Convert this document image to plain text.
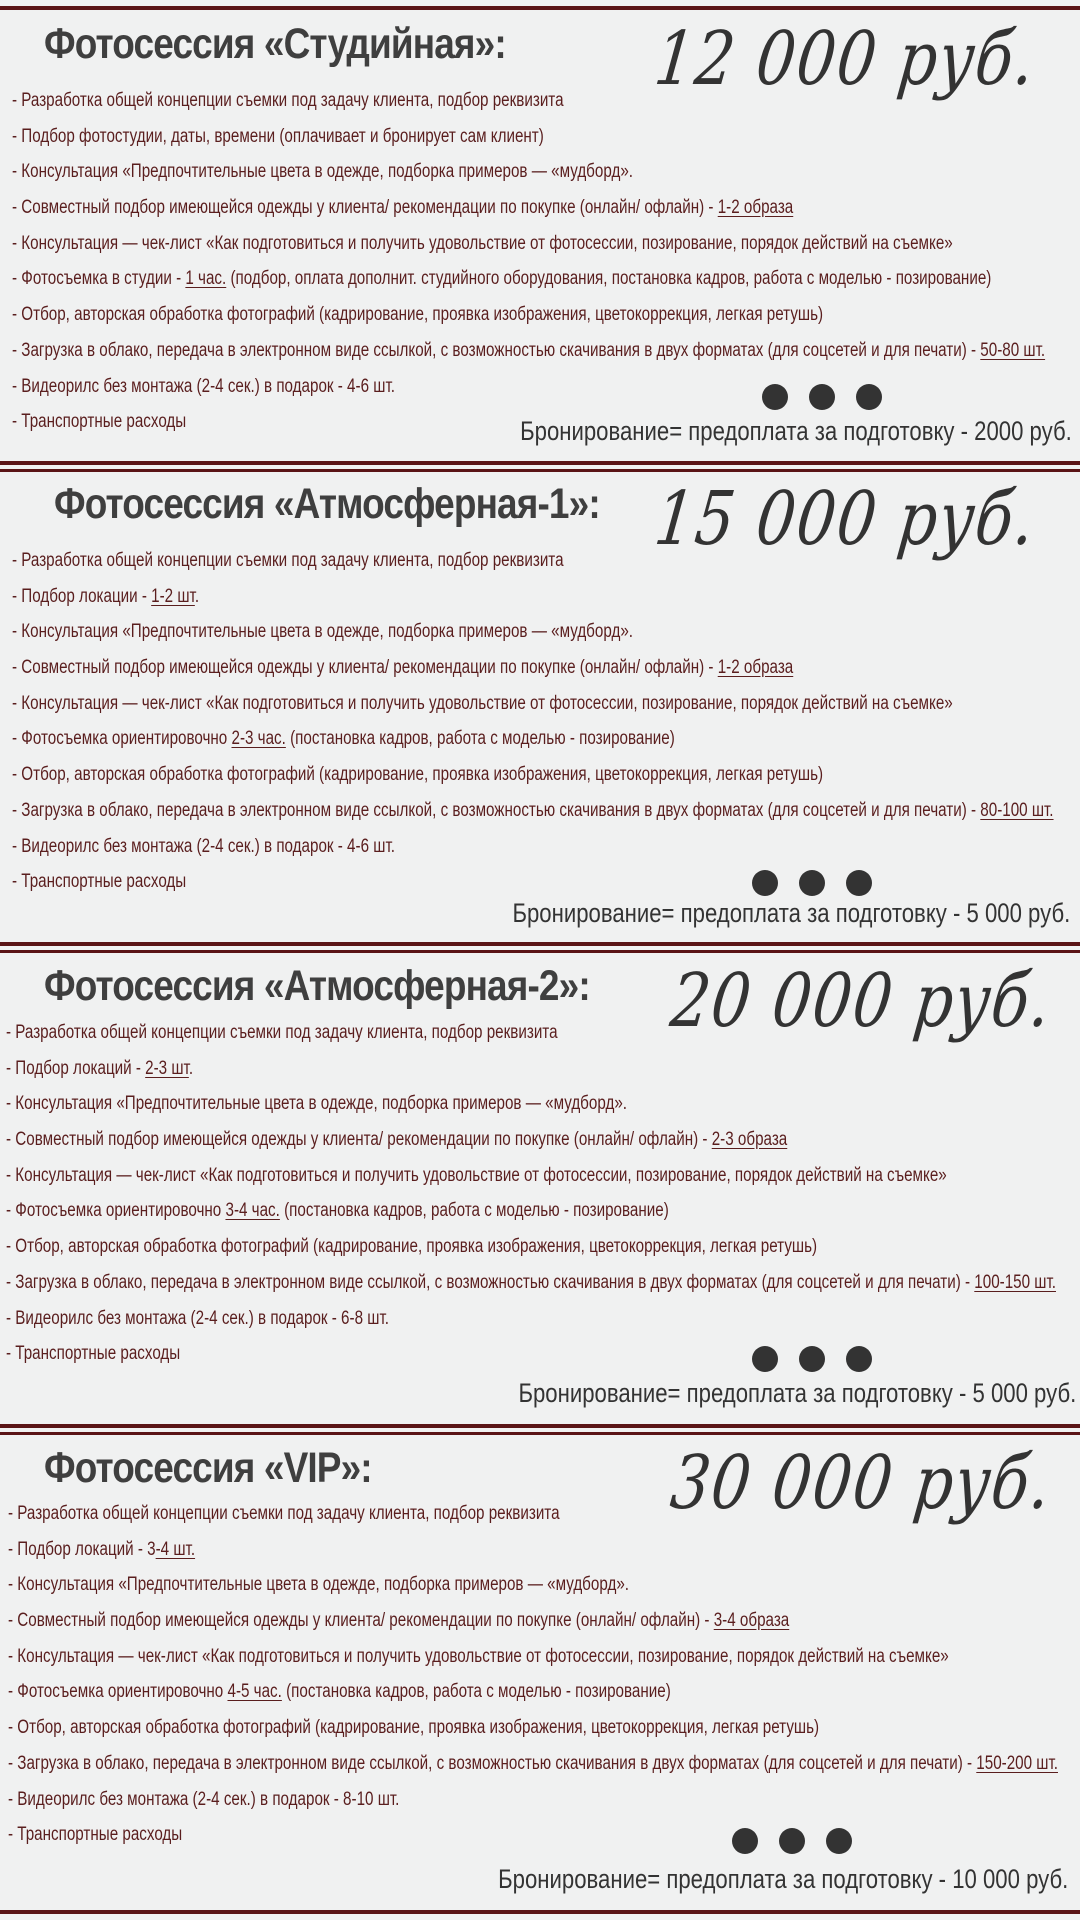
Фотосессия «Студийная»: 12 000 руб.
- Разработка общей концепции съемки под задачу клиента, подбор реквизита
- Подбор фотостудии, даты, времени (оплачивает и бронирует сам клиент)
- Консультация «Предпочтительные цвета в одежде, подборка примеров — «мудборд».
- Совместный подбор имеющейся одежды у клиента/ рекомендации по покупке (онлайн/ офлайн) - 1-2 образа
- Консультация — чек-лист «Как подготовиться и получить удовольствие от фотосессии, позирование, порядок действий на съемке»
- Фотосъемка в студии - 1 час. (подбор, оплата дополнит. студийного оборудования, постановка кадров, работа с моделью - позирование)
- Отбор, авторская обработка фотографий (кадрирование, проявка изображения, цветокоррекция, легкая ретушь)
- Загрузка в облако, передача в электронном виде ссылкой, с возможностью скачивания в двух форматах (для соцсетей и для печати) - 50-80 шт.
- Видеорилс без монтажа (2-4 сек.) в подарок - 4-6 шт.
- Транспортные расходы	Бронирование= предоплата за подготовку - 2000 руб.
Фотосессия «Атмосферная-1»: 15 000 руб.
- Разработка общей концепции съемки под задачу клиента, подбор реквизита
- Подбор локации - 1-2 шт.
- Консультация «Предпочтительные цвета в одежде, подборка примеров — «мудборд».
- Совместный подбор имеющейся одежды у клиента/ рекомендации по покупке (онлайн/ офлайн) - 1-2 образа
- Консультация — чек-лист «Как подготовиться и получить удовольствие от фотосессии, позирование, порядок действий на съемке»
- Фотосъемка ориентировочно 2-3 час. (постановка кадров, работа с моделью - позирование)
- Отбор, авторская обработка фотографий (кадрирование, проявка изображения, цветокоррекция, легкая ретушь)
- Загрузка в облако, передача в электронном виде ссылкой, с возможностью скачивания в двух форматах (для соцсетей и для печати) - 80-100 шт.
- Видеорилс без монтажа (2-4 сек.) в подарок - 4-6 шт.
- Транспортные расходы
Бронирование= предоплата за подготовку - 5 000 руб.
Фотосессия «Атмосферная-2»: 20 000 руб.
- Разработка общей концепции съемки под задачу клиента, подбор реквизита
- Подбор локаций - 2-3 шт.
- Консультация «Предпочтительные цвета в одежде, подборка примеров — «мудборд».
- Совместный подбор имеющейся одежды у клиента/ рекомендации по покупке (онлайн/ офлайн) - 2-3 образа
- Консультация — чек-лист «Как подготовиться и получить удовольствие от фотосессии, позирование, порядок действий на съемке»
- Фотосъемка ориентировочно 3-4 час. (постановка кадров, работа с моделью - позирование)
- Отбор, авторская обработка фотографий (кадрирование, проявка изображения, цветокоррекция, легкая ретушь)
- Загрузка в облако, передача в электронном виде ссылкой, с возможностью скачивания в двух форматах (для соцсетей и для печати) - 100-150 шт.
- Видеорилс без монтажа (2-4 сек.) в подарок - 6-8 шт.
- Транспортные расходы
Бронирование= предоплата за подготовку - 5 000 руб.
Фотосессия «VIP»:	30 000 руб.
- Разработка общей концепции съемки под задачу клиента, подбор реквизита
- Подбор локаций - 3-4 шт.
- Консультация «Предпочтительные цвета в одежде, подборка примеров — «мудборд».
- Совместный подбор имеющейся одежды у клиента/ рекомендации по покупке (онлайн/ офлайн) - 3-4 образа
- Консультация — чек-лист «Как подготовиться и получить удовольствие от фотосессии, позирование, порядок действий на съемке»
- Фотосъемка ориентировочно 4-5 час. (постановка кадров, работа с моделью - позирование)
- Отбор, авторская обработка фотографий (кадрирование, проявка изображения, цветокоррекция, легкая ретушь)
- Загрузка в облако, передача в электронном виде ссылкой, с возможностью скачивания в двух форматах (для соцсетей и для печати) - 150-200 шт.
- Видеорилс без монтажа (2-4 сек.) в подарок - 8-10 шт.
- Транспортные расходы
Бронирование= предоплата за подготовку - 10 000 руб.
